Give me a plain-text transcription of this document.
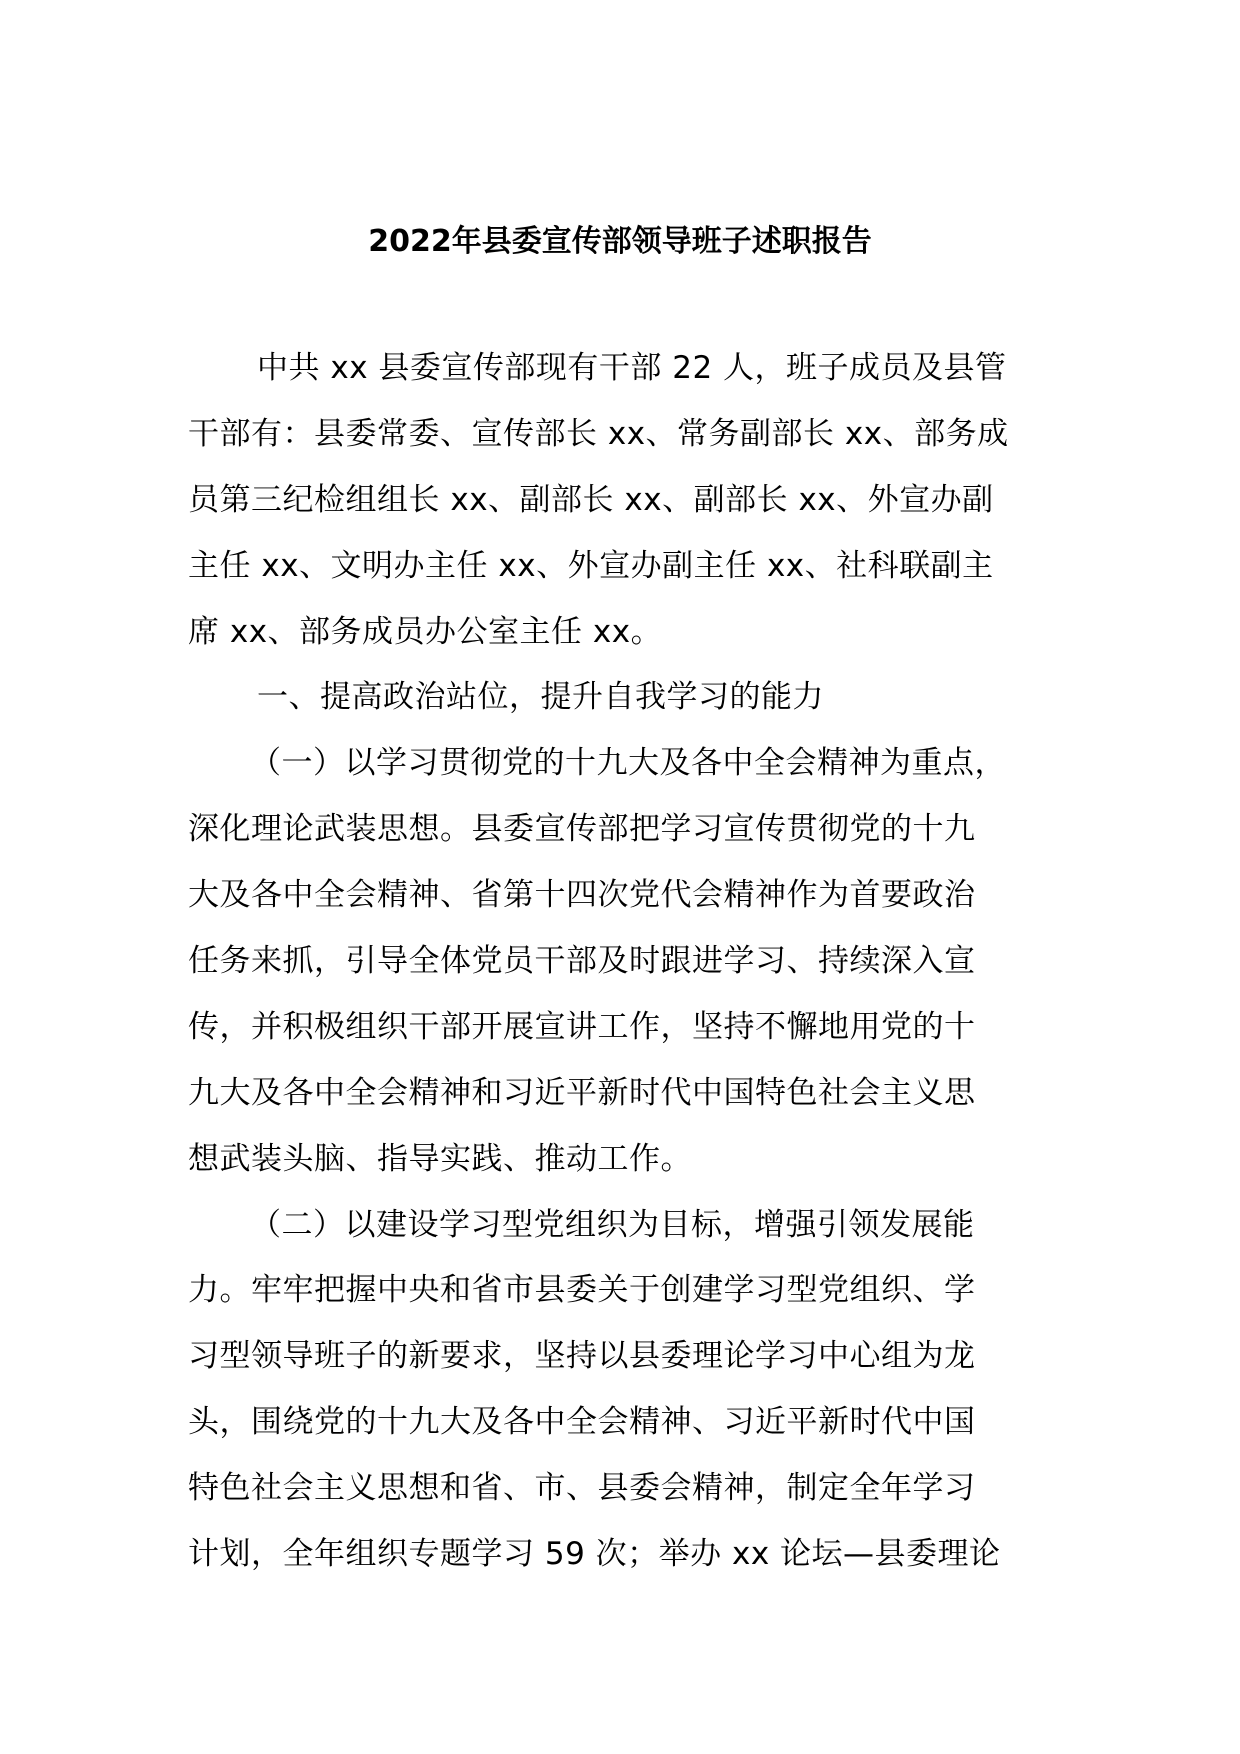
2022年县委宣传部领导班子述职报告
中共 xx 县委宣传部现有干部 22 人，班子成员及县管
干部有：县委常委、宣传部长 xx、常务副部长 xx、部务成
员第三纪检组组长 xx、副部长 xx、副部长 xx、外宣办副
主任 xx、文明办主任 xx、外宣办副主任 xx、社科联副主
席 xx、部务成员办公室主任 xx。
一、提高政治站位，提升自我学习的能力
（一）以学习贯彻党的十九大及各中全会精神为重点，
深化理论武装思想。县委宣传部把学习宣传贯彻党的十九
大及各中全会精神、省第十四次党代会精神作为首要政治
任务来抓，引导全体党员干部及时跟进学习、持续深入宣
传，并积极组织干部开展宣讲工作，坚持不懈地用党的十
九大及各中全会精神和习近平新时代中国特色社会主义思
想武装头脑、指导实践、推动工作。
（二）以建设学习型党组织为目标，增强引领发展能
力。牢牢把握中央和省市县委关于创建学习型党组织、学
习型领导班子的新要求，坚持以县委理论学习中心组为龙
头，围绕党的十九大及各中全会精神、习近平新时代中国
特色社会主义思想和省、市、县委会精神，制定全年学习
计划，全年组织专题学习 59 次；举办 xx 论坛—县委理论
